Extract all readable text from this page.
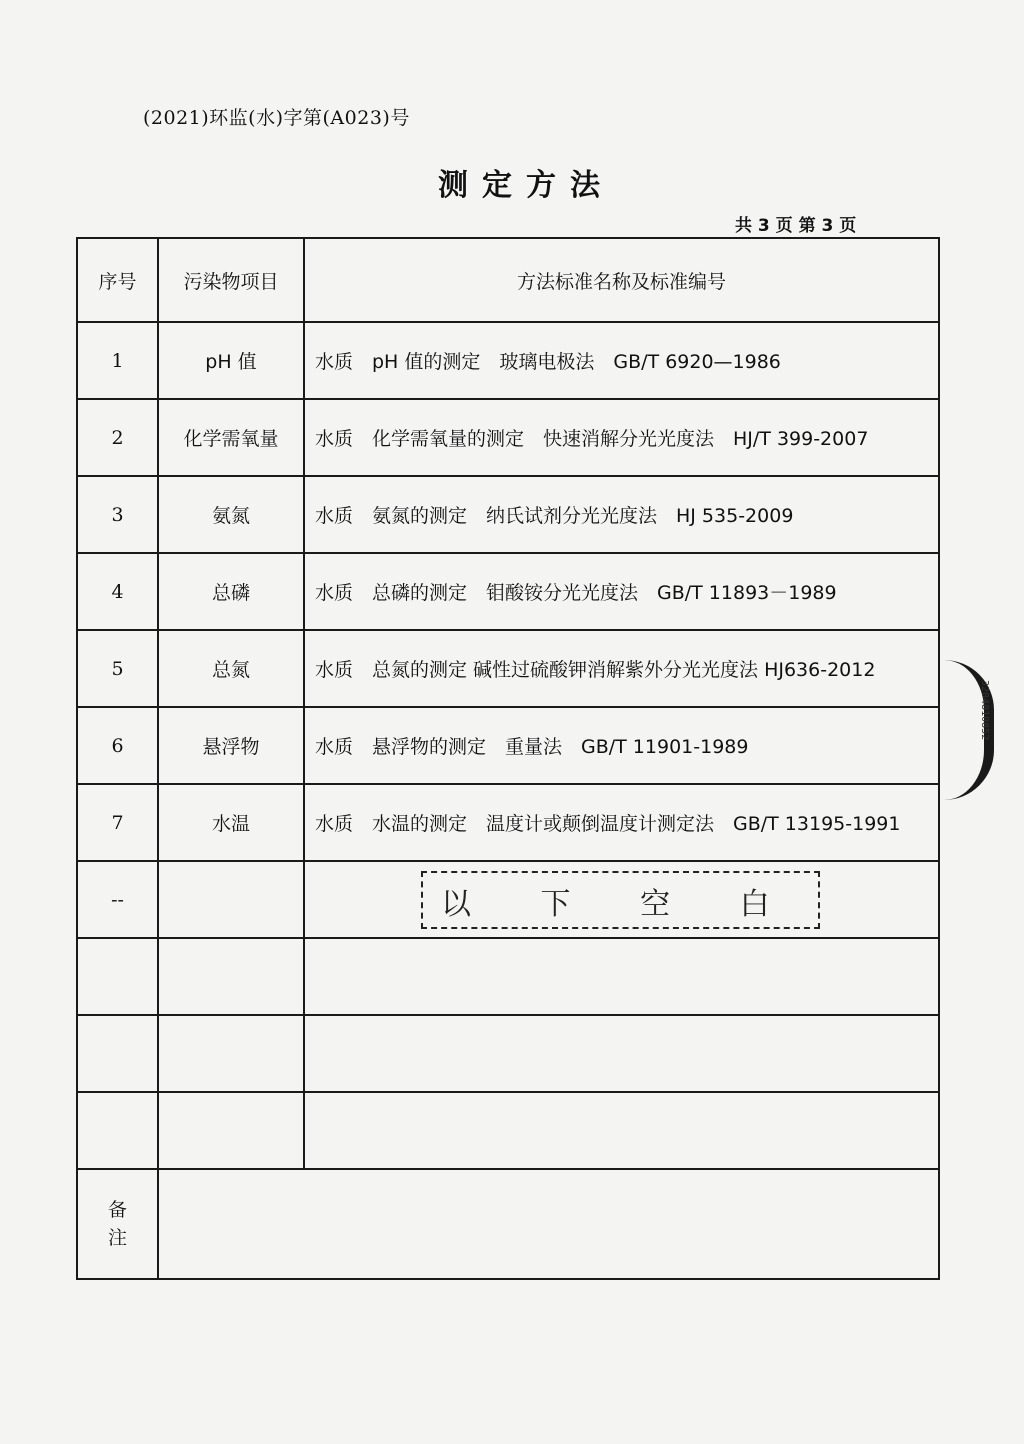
(2021)环监(水)字第(A023)号
测定方法
共 3 页 第 3 页
序号	污染物项目	方法标准名称及标准编号
1	pH 值	水质　pH 值的测定　玻璃电极法　GB/T 6920—1986
2	化学需氧量	水质　化学需氧量的测定　快速消解分光光度法　HJ/T 399-2007
3	氨氮	水质　氨氮的测定　纳氏试剂分光光度法　HJ 535-2009
4	总磷	水质　总磷的测定　钼酸铵分光光度法　GB/T 11893－1989
5	总氮	水质　总氮的测定 碱性过硫酸钾消解紫外分光光度法 HJ636-2012
6	悬浮物	水质　悬浮物的测定　重量法　GB/T 11901-1989
7	水温	水质　水温的测定　温度计或颠倒温度计测定法　GB/T 13195-1991
--		以 下 空 白

备
注		

3204810852
